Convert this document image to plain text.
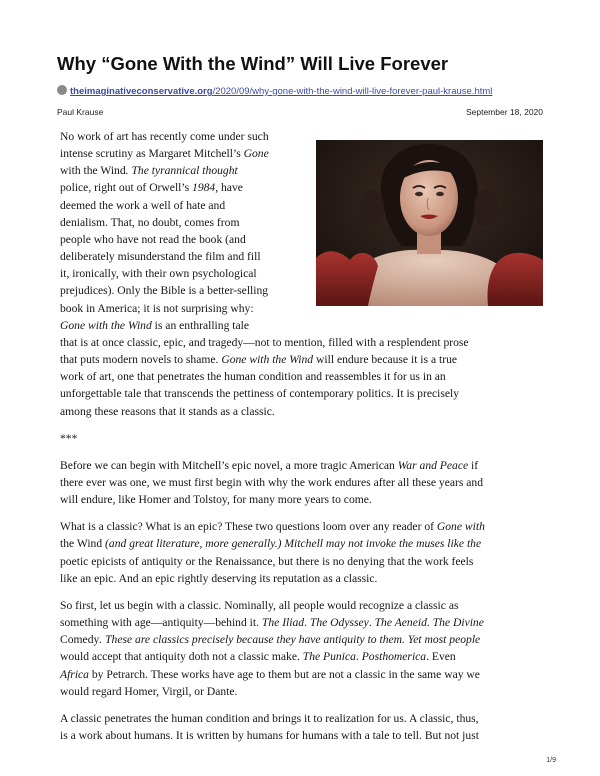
Why “Gone With the Wind” Will Live Forever
theimaginativeconservative.org/2020/09/why-gone-with-the-wind-will-live-forever-paul-krause.html
Paul Krause	September 18, 2020

No work of art has recently come under such
intense scrutiny as Margaret Mitchell’s Gone
with the Wind. The tyrannical thought
police, right out of Orwell’s 1984, have
deemed the work a well of hate and
denialism. That, no doubt, comes from
people who have not read the book (and
deliberately misunderstand the film and fill
it, ironically, with their own psychological
prejudices). Only the Bible is a better-selling
book in America; it is not surprising why:
Gone with the Wind is an enthralling tale
that is at once classic, epic, and tragedy—not to mention, filled with a resplendent prose
that puts modern novels to shame. Gone with the Wind will endure because it is a true
work of art, one that penetrates the human condition and reassembles it for us in an
unforgettable tale that transcends the pettiness of contemporary politics. It is precisely
among these reasons that it stands as a classic.

***

Before we can begin with Mitchell’s epic novel, a more tragic American War and Peace if
there ever was one, we must first begin with why the work endures after all these years and
will endure, like Homer and Tolstoy, for many more years to come.

What is a classic? What is an epic? These two questions loom over any reader of Gone with
the Wind (and great literature, more generally.) Mitchell may not invoke the muses like the
poetic epicists of antiquity or the Renaissance, but there is no denying that the work feels
like an epic. And an epic rightly deserving its reputation as a classic.

So first, let us begin with a classic. Nominally, all people would recognize a classic as
something with age—antiquity—behind it. The Iliad. The Odyssey. The Aeneid. The Divine
Comedy. These are classics precisely because they have antiquity to them. Yet most people
would accept that antiquity doth not a classic make. The Punica. Posthomerica. Even
Africa by Petrarch. These works have age to them but are not a classic in the same way we
would regard Homer, Virgil, or Dante.

A classic penetrates the human condition and brings it to realization for us. A classic, thus,
is a work about humans. It is written by humans for humans with a tale to tell. But not just

1/9
